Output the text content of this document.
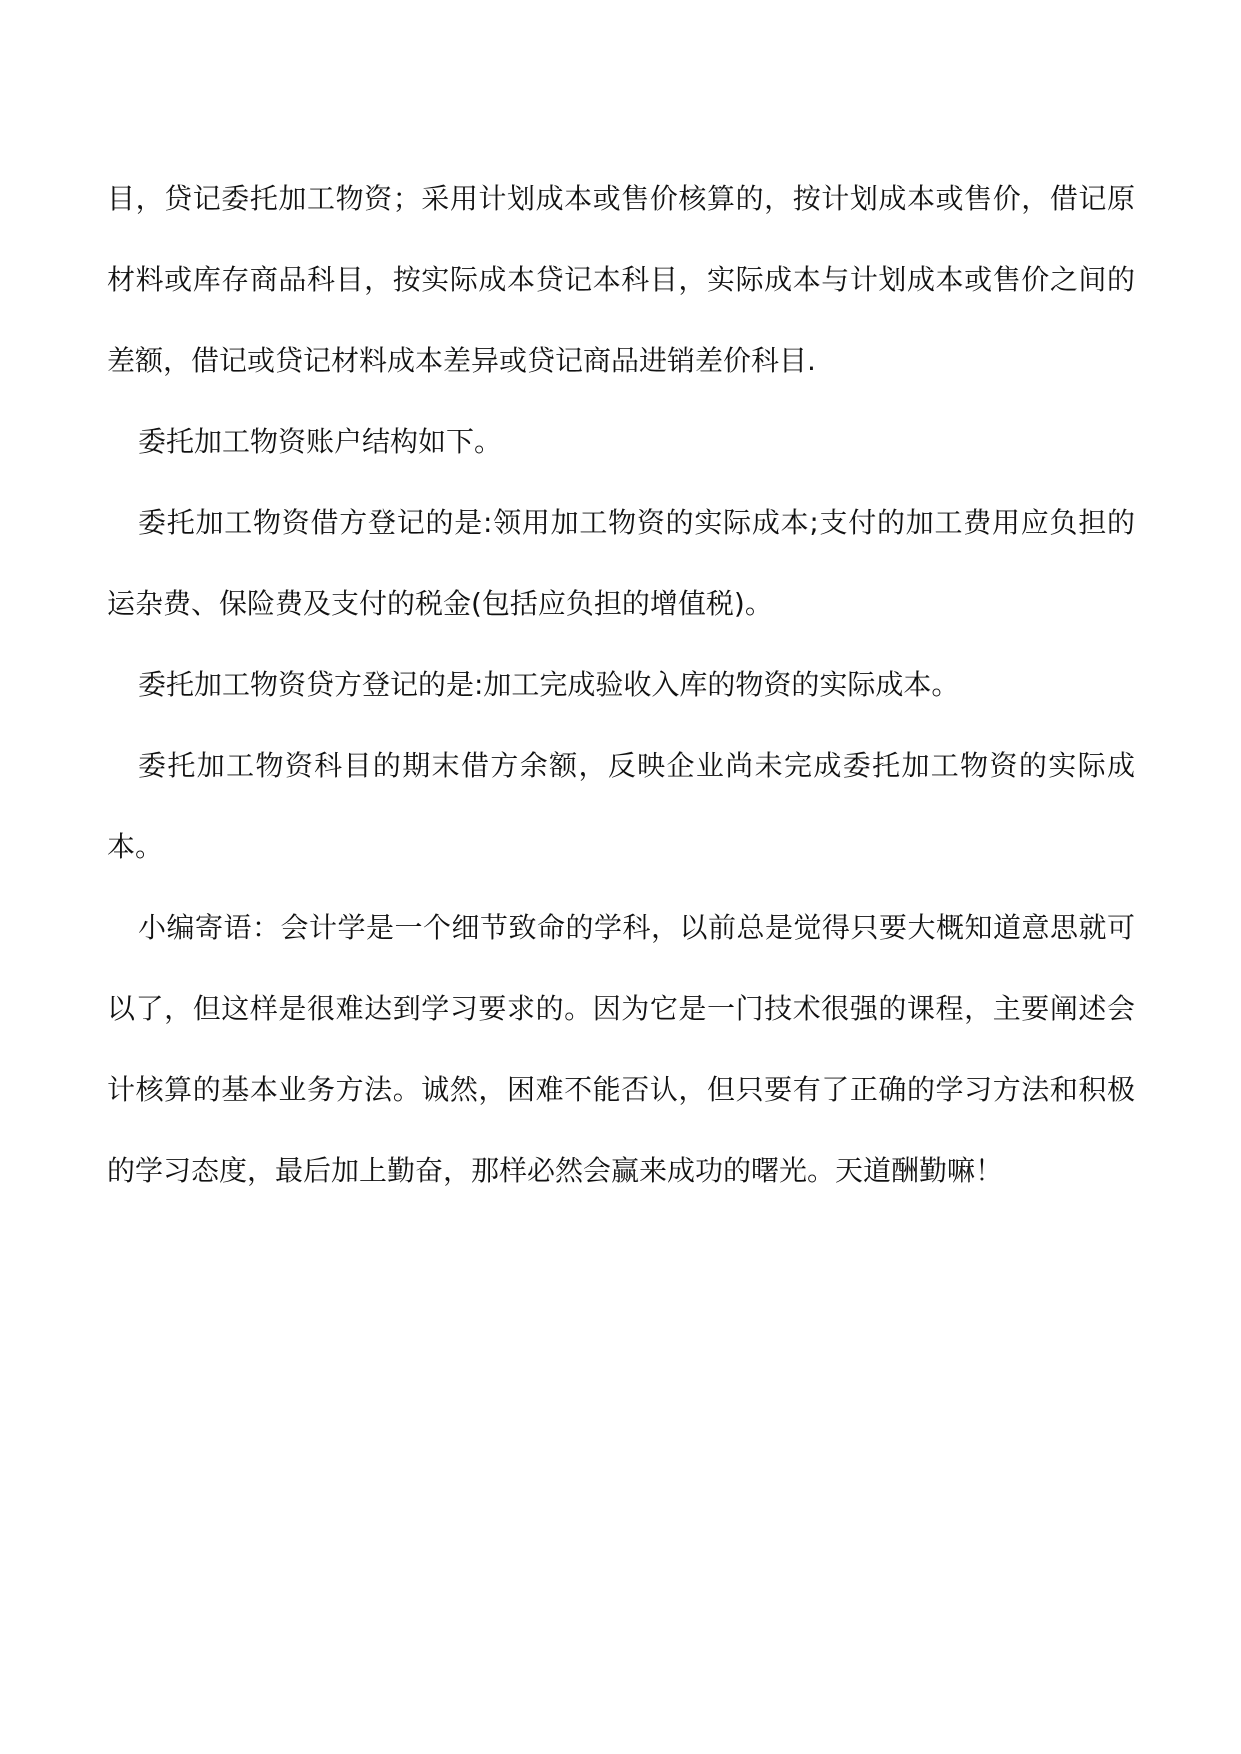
目，贷记委托加工物资；采用计划成本或售价核算的，按计划成本或售价，借记原材料或库存商品科目，按实际成本贷记本科目，实际成本与计划成本或售价之间的差额，借记或贷记材料成本差异或贷记商品进销差价科目.

委托加工物资账户结构如下。

委托加工物资借方登记的是:领用加工物资的实际成本;支付的加工费用应负担的运杂费、保险费及支付的税金(包括应负担的增值税)。

委托加工物资贷方登记的是:加工完成验收入库的物资的实际成本。

委托加工物资科目的期末借方余额，反映企业尚未完成委托加工物资的实际成本。

小编寄语：会计学是一个细节致命的学科，以前总是觉得只要大概知道意思就可以了，但这样是很难达到学习要求的。因为它是一门技术很强的课程，主要阐述会计核算的基本业务方法。诚然，困难不能否认，但只要有了正确的学习方法和积极的学习态度，最后加上勤奋，那样必然会赢来成功的曙光。天道酬勤嘛！
